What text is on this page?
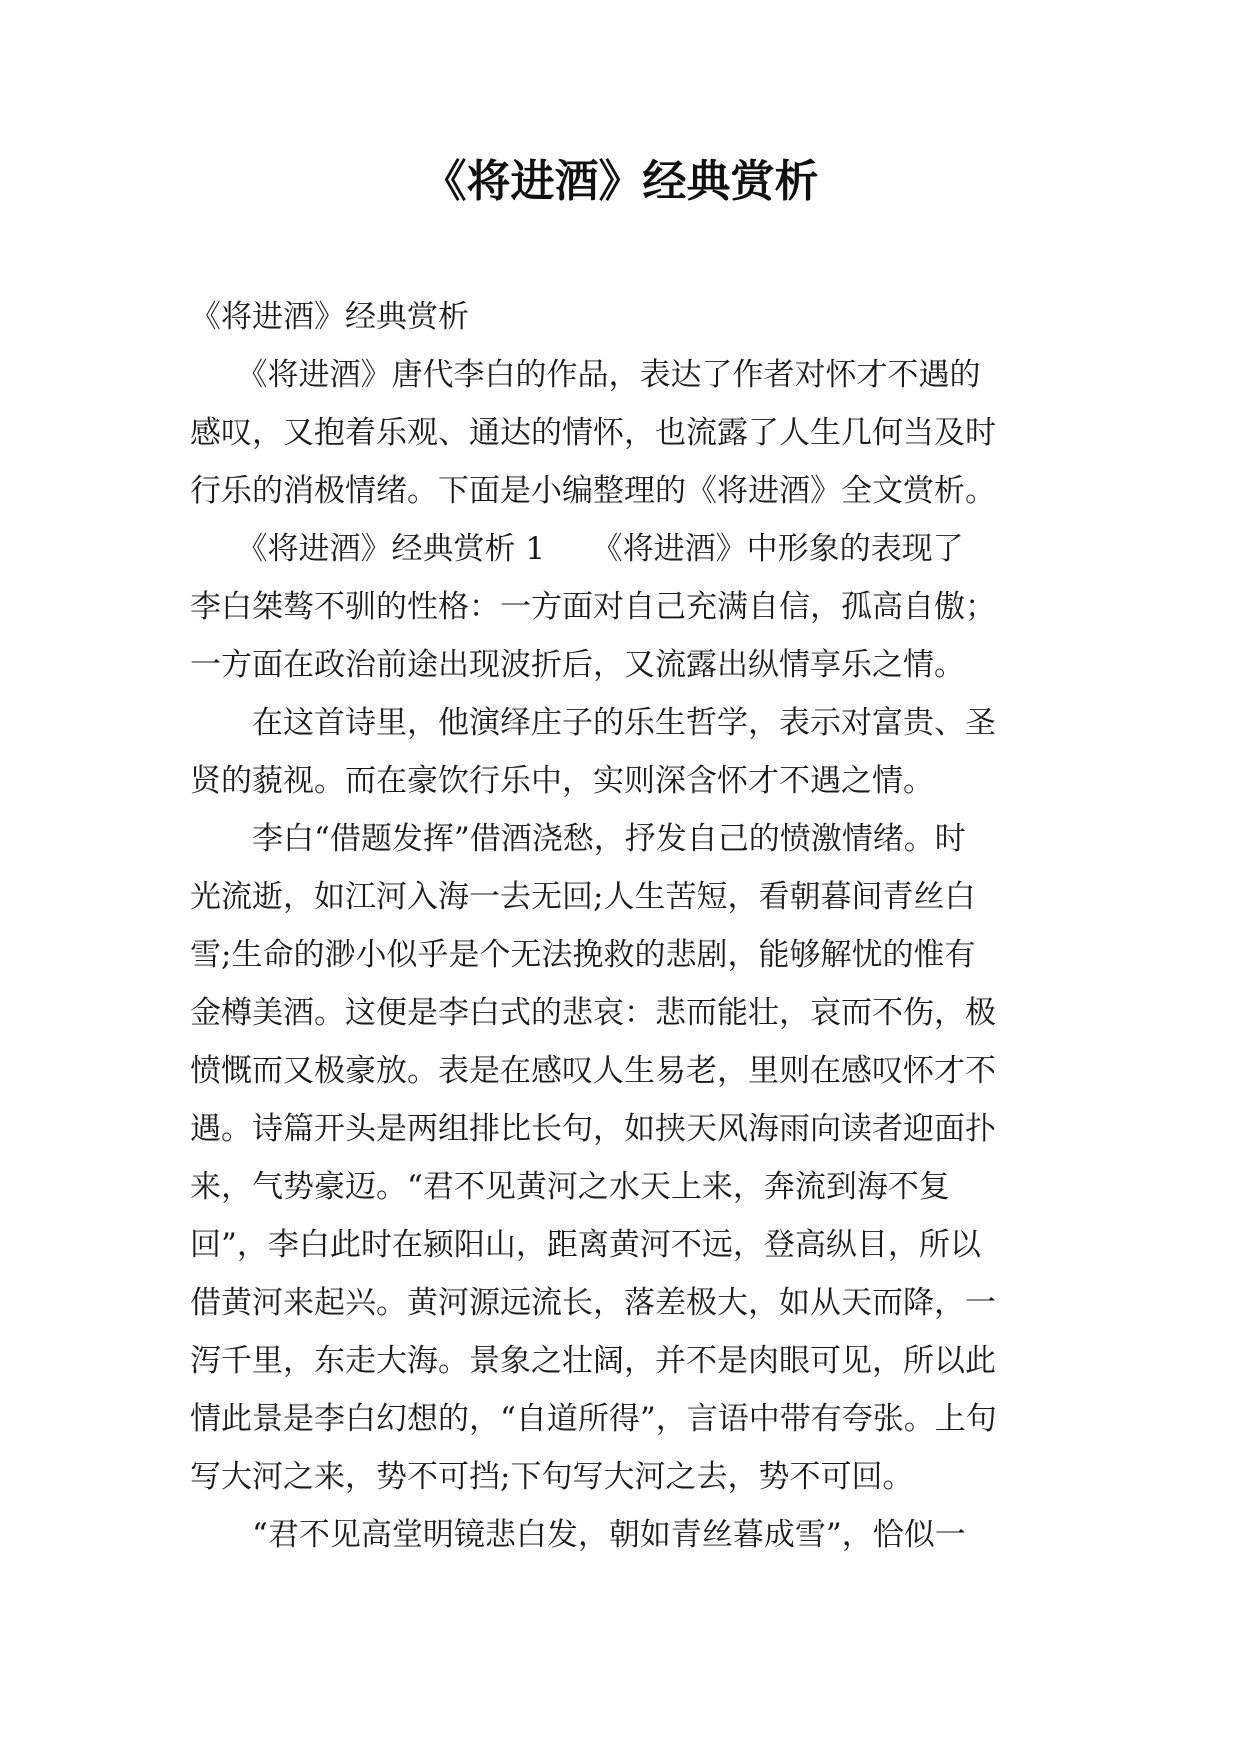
《将进酒》经典赏析
《将进酒》经典赏析
　　《将进酒》唐代李白的作品，表达了作者对怀才不遇的
感叹，又抱着乐观、通达的情怀，也流露了人生几何当及时
行乐的消极情绪。下面是小编整理的《将进酒》全文赏析。
　　《将进酒》经典赏析 1　　《将进酒》中形象的表现了
李白桀骜不驯的性格：一方面对自己充满自信，孤高自傲；
一方面在政治前途出现波折后，又流露出纵情享乐之情。
　　在这首诗里，他演绎庄子的乐生哲学，表示对富贵、圣
贤的藐视。而在豪饮行乐中，实则深含怀才不遇之情。
　　李白“借题发挥”借酒浇愁，抒发自己的愤激情绪。时
光流逝，如江河入海一去无回;人生苦短，看朝暮间青丝白
雪;生命的渺小似乎是个无法挽救的悲剧，能够解忧的惟有
金樽美酒。这便是李白式的悲哀：悲而能壮，哀而不伤，极
愤慨而又极豪放。表是在感叹人生易老，里则在感叹怀才不
遇。诗篇开头是两组排比长句，如挟天风海雨向读者迎面扑
来，气势豪迈。“君不见黄河之水天上来，奔流到海不复
回”，李白此时在颍阳山，距离黄河不远，登高纵目，所以
借黄河来起兴。黄河源远流长，落差极大，如从天而降，一
泻千里，东走大海。景象之壮阔，并不是肉眼可见，所以此
情此景是李白幻想的，“自道所得”，言语中带有夸张。上句
写大河之来，势不可挡;下句写大河之去，势不可回。
　　“君不见高堂明镜悲白发，朝如青丝暮成雪”，恰似一
